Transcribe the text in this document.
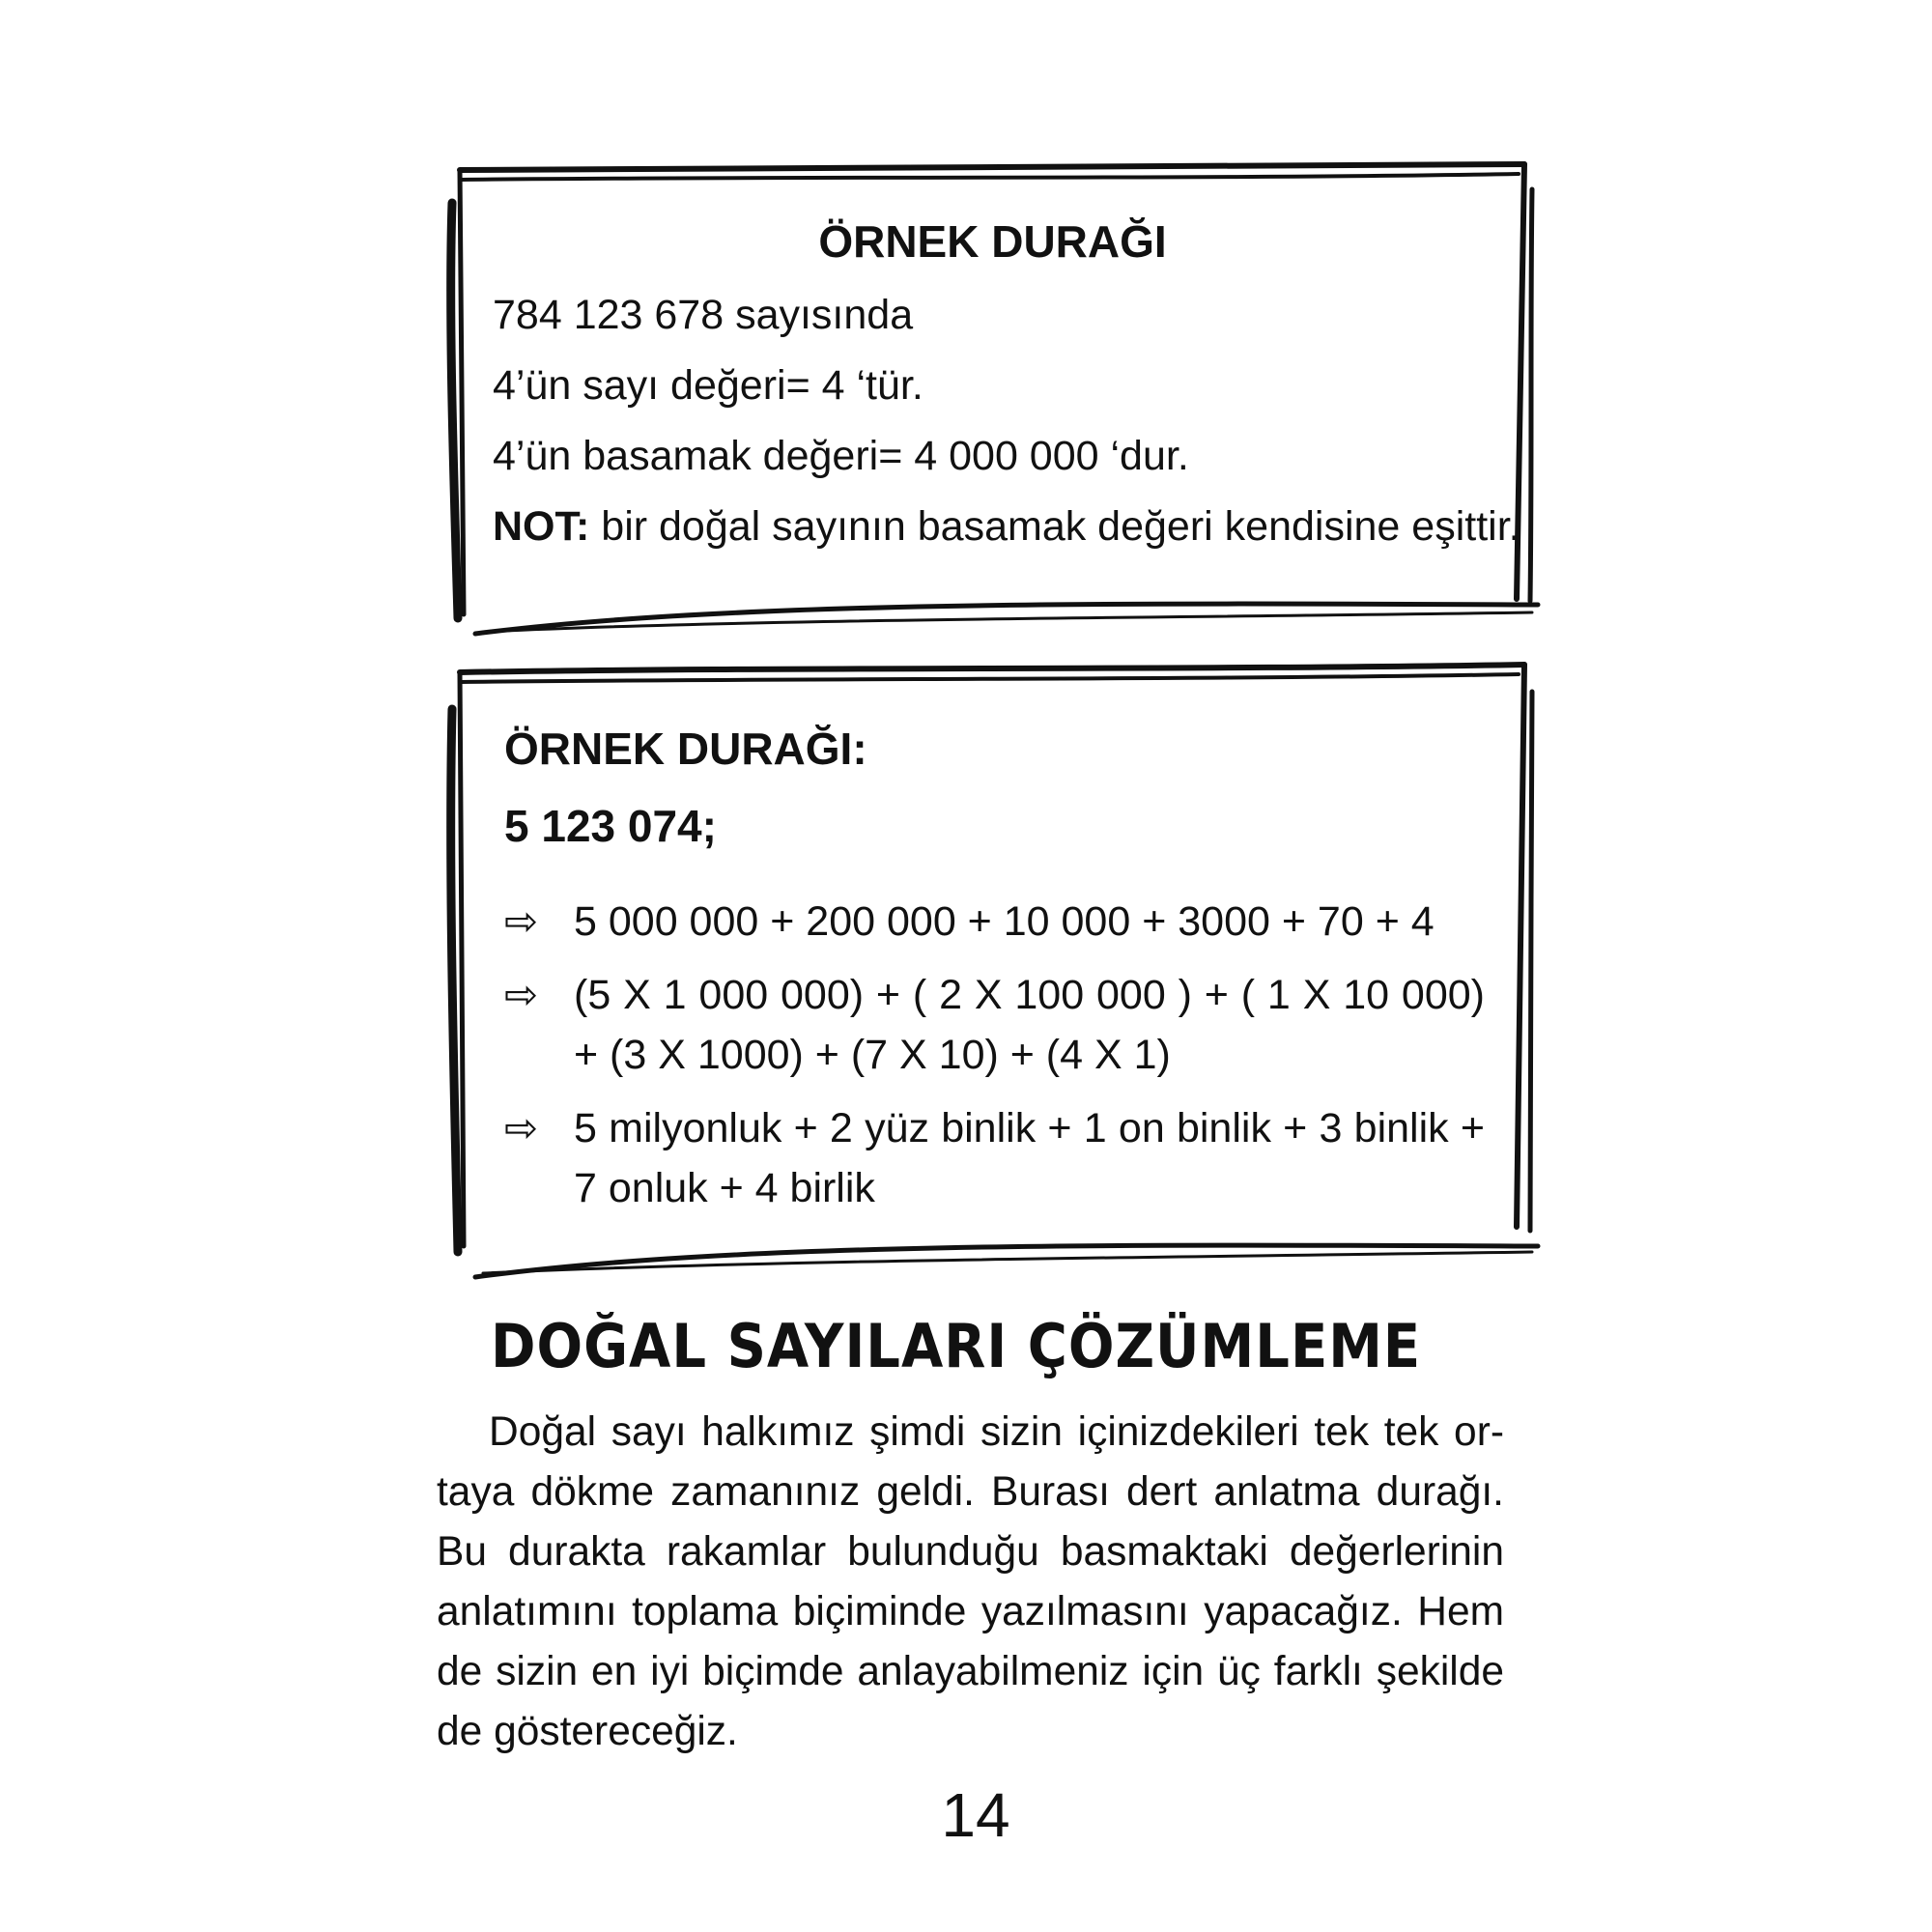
ÖRNEK DURAĞI
784 123 678 sayısında
4’ün sayı değeri= 4 ‘tür.
4’ün basamak değeri= 4 000 000 ‘dur.
NOT: bir doğal sayının basamak değeri kendisine eşittir.
ÖRNEK DURAĞI:
5 123 074;
⇨ 5 000 000 + 200 000 + 10 000 + 3000 + 70 + 4
⇨ (5 X 1 000 000) + ( 2 X 100 000 ) + ( 1 X 10 000) + (3 X 1000) + (7 X 10) + (4 X 1)
⇨ 5 milyonluk + 2 yüz binlik + 1 on binlik + 3 binlik + 7 onluk + 4 birlik
DOĞAL SAYILARI ÇÖZÜMLEME

Doğal sayı halkımız şimdi sizin içinizdekileri tek tek or-taya dökme zamanınız geldi. Burası dert anlatma durağı. Bu durakta rakamlar bulunduğu basmaktaki değerlerinin anlatımını toplama biçiminde yazılmasını yapacağız. Hem de sizin en iyi biçimde anlayabilmeniz için üç farklı şekilde de göstereceğiz.

14
